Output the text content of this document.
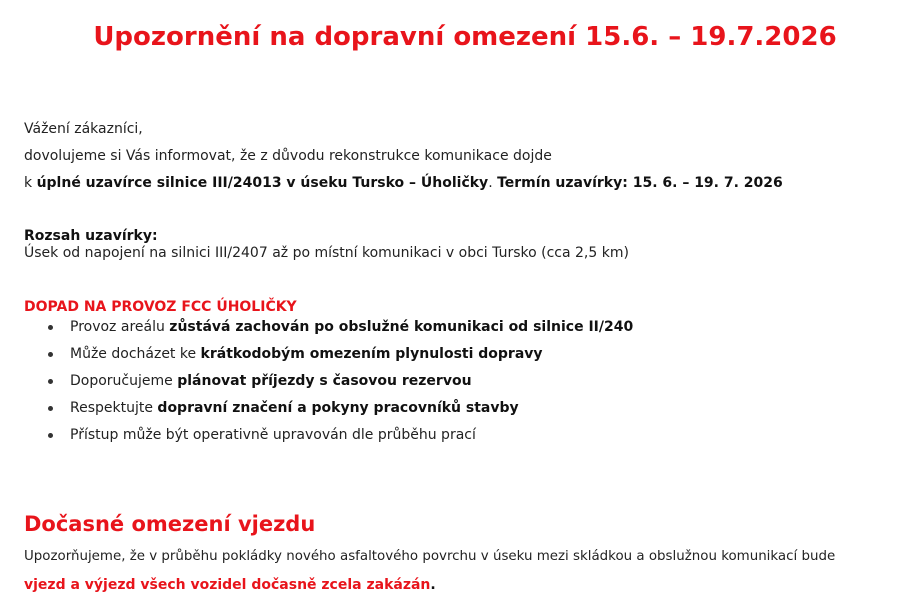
Upozornění na dopravní omezení 15.6. – 19.7.2026

Vážení zákazníci,

dovolujeme si Vás informovat, že z důvodu rekonstrukce komunikace dojde

k úplné uzavírce silnice III/24013 v úseku Tursko – Úholičky. Termín uzavírky: 15. 6. – 19. 7. 2026

Rozsah uzavírky:

Úsek od napojení na silnici III/2407 až po místní komunikaci v obci Tursko (cca 2,5 km)

DOPAD NA PROVOZ FCC ÚHOLIČKY

Provoz areálu zůstává zachován po obslužné komunikaci od silnice II/240
Může docházet ke krátkodobým omezením plynulosti dopravy
Doporučujeme plánovat příjezdy s časovou rezervou
Respektujte dopravní značení a pokyny pracovníků stavby
Přístup může být operativně upravován dle průběhu prací
Dočasné omezení vjezdu

Upozorňujeme, že v průběhu pokládky nového asfaltového povrchu v úseku mezi skládkou a obslužnou komunikací bude

vjezd a výjezd všech vozidel dočasně zcela zakázán.
